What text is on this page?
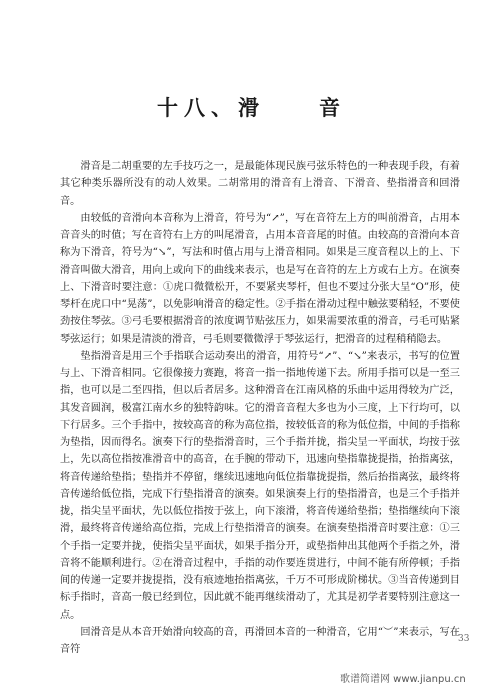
十八、滑　　音

滑音是二胡重要的左手技巧之一，是最能体现民族弓弦乐特色的一种表现手段，有着其它种类乐器所没有的动人效果。二胡常用的滑音有上滑音、下滑音、垫指滑音和回滑音。

由较低的音滑向本音称为上滑音，符号为“↗”，写在音符左上方的叫前滑音，占用本音音头的时值；写在音符右上方的叫尾滑音，占用本音音尾的时值。由较高的音滑向本音称为下滑音，符号为“↘”，写法和时值占用与上滑音相同。如果是三度音程以上的上、下滑音叫做大滑音，用向上或向下的曲线来表示，也是写在音符的左上方或右上方。在演奏上、下滑音时要注意：①虎口微微松开，不要紧夹琴杆，但也不要过分张大呈“O”形，使琴杆在虎口中“晃荡”，以免影响滑音的稳定性。②手指在滑动过程中触弦要稍轻，不要使劲按住琴弦。③弓毛要根据滑音的浓度调节贴弦压力，如果需要浓重的滑音，弓毛可贴紧琴弦运行；如果是清淡的滑音，弓毛则要微微浮于琴弦运行，把滑音的过程稍稍隐去。

垫指滑音是用三个手指联合运动奏出的滑音，用符号“↗”、“↘”来表示，书写的位置与上、下滑音相同。它很像接力赛跑，将音一指一指地传递下去。所用手指可以是一至三指，也可以是二至四指，但以后者居多。这种滑音在江南风格的乐曲中运用得较为广泛，其发音圆润，极富江南水乡的独特韵味。它的滑音音程大多也为小三度，上下行均可，以下行居多。三个手指中，按较高音的称为高位指，按较低音的称为低位指，中间的手指称为垫指，因而得名。演奏下行的垫指滑音时，三个手指并拢，指尖呈一平面状，均按于弦上，先以高位指按准滑音中的高音，在手腕的带动下，迅速向垫指靠拢提指，抬指离弦，将音传递给垫指；垫指并不停留，继续迅速地向低位指靠拢提指，然后抬指离弦，最终将音传递给低位指，完成下行垫指滑音的演奏。如果演奏上行的垫指滑音，也是三个手指并拢，指尖呈平面状，先以低位指按于弦上，向下滚滑，将音传递给垫指；垫指继续向下滚滑，最终将音传递给高位指，完成上行垫指滑音的演奏。在演奏垫指滑音时要注意：①三个手指一定要并拢，使指尖呈平面状，如果手指分开，或垫指伸出其他两个手指之外，滑音将不能顺利进行。②在滑音过程中，手指的动作要连贯进行，中间不能有所停顿；手指间的传递一定要并拢提指，没有痕迹地抬指离弦，千万不可形成阶梯状。③当音传递到目标手指时，音高一般已经到位，因此就不能再继续滑动了，尤其是初学者要特别注意这一点。

回滑音是从本音开始滑向较高的音，再滑回本音的一种滑音，它用“︶”来表示，写在音符

33
歌谱简谱网 www.jianpu.cn
